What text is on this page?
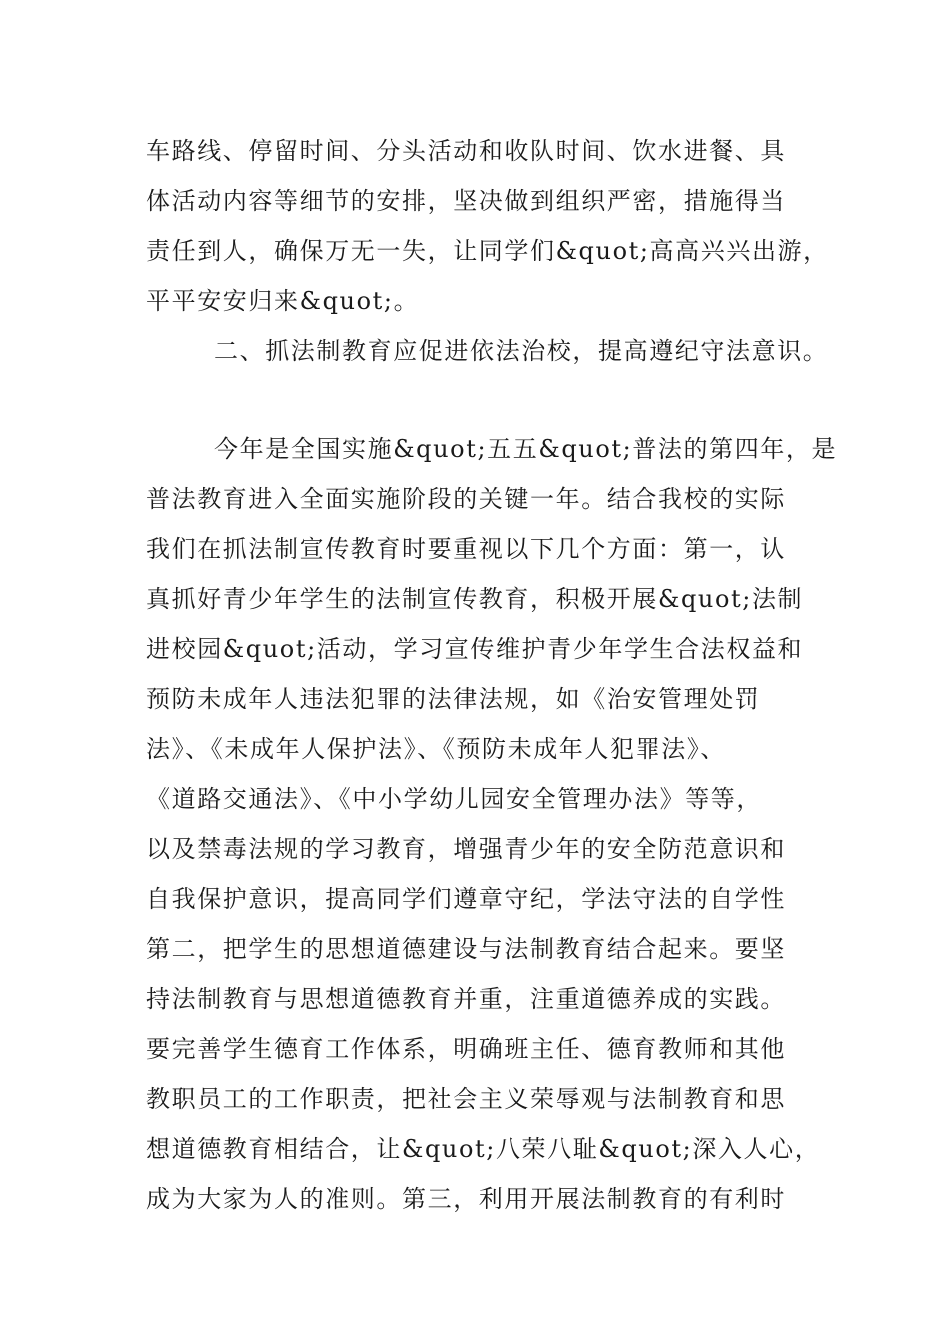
车路线、停留时间、分头活动和收队时间、饮水进餐、具
体活动内容等细节的安排，坚决做到组织严密，措施得当
责任到人，确保万无一失，让同学们&quot;高高兴兴出游，
平平安安归来&quot;。
二、抓法制教育应促进依法治校，提高遵纪守法意识。
今年是全国实施&quot;五五&quot;普法的第四年，是
普法教育进入全面实施阶段的关键一年。结合我校的实际
我们在抓法制宣传教育时要重视以下几个方面：第一，认
真抓好青少年学生的法制宣传教育，积极开展&quot;法制
进校园&quot;活动，学习宣传维护青少年学生合法权益和
预防未成年人违法犯罪的法律法规，如《治安管理处罚
法》、《未成年人保护法》、《预防未成年人犯罪法》、
《道路交通法》、《中小学幼儿园安全管理办法》等等，
以及禁毒法规的学习教育，增强青少年的安全防范意识和
自我保护意识，提高同学们遵章守纪，学法守法的自学性
第二，把学生的思想道德建设与法制教育结合起来。要坚
持法制教育与思想道德教育并重，注重道德养成的实践。
要完善学生德育工作体系，明确班主任、德育教师和其他
教职员工的工作职责，把社会主义荣辱观与法制教育和思
想道德教育相结合，让&quot;八荣八耻&quot;深入人心，
成为大家为人的准则。第三，利用开展法制教育的有利时
